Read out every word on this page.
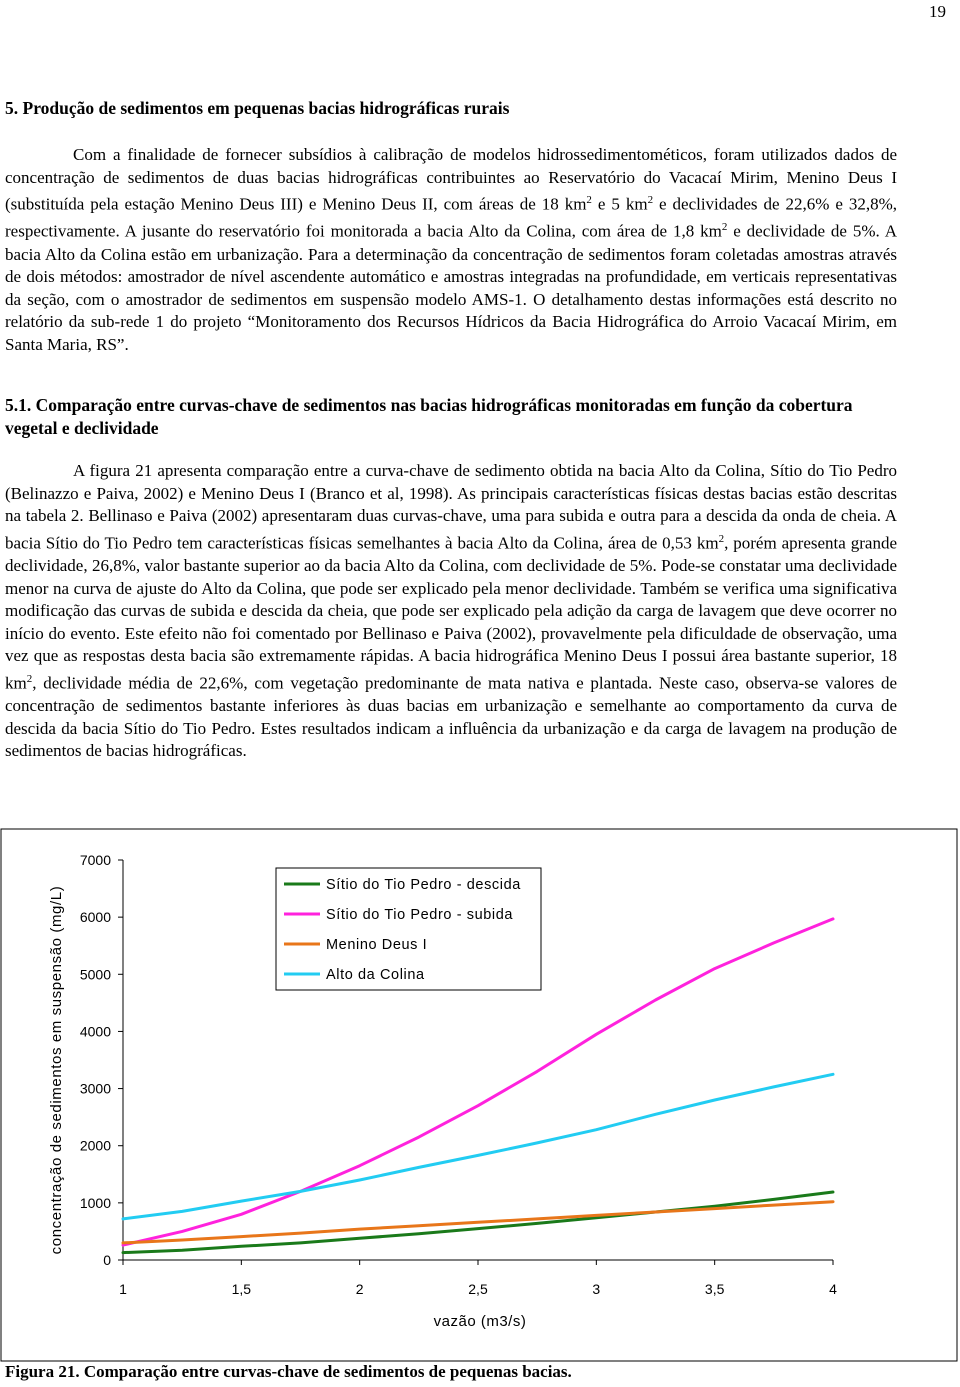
19
5. Produção de sedimentos em pequenas bacias hidrográficas rurais

Com a finalidade de fornecer subsídios à calibração de modelos hidrossedimentométicos, foram utilizados dados de concentração de sedimentos de duas bacias hidrográficas contribuintes ao Reservatório do Vacacaí Mirim, Menino Deus I (substituída pela estação Menino Deus III) e Menino Deus II, com áreas de 18 $km^2$ e 5 $km^2$ e declividades de 22,6% e 32,8%, respectivamente. A jusante do reservatório foi monitorada a bacia Alto da Colina, com área de 1,8 $km^2$ e declividade de 5%. A bacia Alto da Colina estão em urbanização. Para a determinação da concentração de sedimentos foram coletadas amostras através de dois métodos: amostrador de nível ascendente automático e amostras integradas na profundidade, em verticais representativas da seção, com o amostrador de sedimentos em suspensão modelo AMS-1. O detalhamento destas informações está descrito no relatório da sub-rede 1 do projeto “Monitoramento dos Recursos Hídricos da Bacia Hidrográfica do Arroio Vacacaí Mirim, em Santa Maria, RS”.

5.1. Comparação entre curvas-chave de sedimentos nas bacias hidrográficas monitoradas em função da cobertura vegetal e declividade

A figura 21 apresenta comparação entre a curva-chave de sedimento obtida na bacia Alto da Colina, Sítio do Tio Pedro (Belinazzo e Paiva, 2002) e Menino Deus I (Branco et al, 1998). As principais características físicas destas bacias estão descritas na tabela 2. Bellinaso e Paiva (2002) apresentaram duas curvas-chave, uma para subida e outra para a descida da onda de cheia. A bacia Sítio do Tio Pedro tem características físicas semelhantes à bacia Alto da Colina, área de 0,53 $km^2$, porém apresenta grande declividade, 26,8%, valor bastante superior ao da bacia Alto da Colina, com declividade de 5%. Pode-se constatar uma declividade menor na curva de ajuste do Alto da Colina, que pode ser explicado pela menor declividade. Também se verifica uma significativa modificação das curvas de subida e descida da cheia, que pode ser explicado pela adição da carga de lavagem que deve ocorrer no início do evento. Este efeito não foi comentado por Bellinaso e Paiva (2002), provavelmente pela dificuldade de observação, uma vez que as respostas desta bacia são extremamente rápidas. A bacia hidrográfica Menino Deus I possui área bastante superior, 18 $km^2$, declividade média de 22,6%, com vegetação predominante de mata nativa e plantada. Neste caso, observa-se valores de concentração de sedimentos bastante inferiores às duas bacias em urbanização e semelhante ao comportamento da curva de descida da bacia Sítio do Tio Pedro. Estes resultados indicam a influência da urbanização e da carga de lavagem na produção de sedimentos de bacias hidrográficas.

0
1000
2000
3000
4000
5000
6000
7000
1	1,5	2	2,5	3	3,5	4
vazão (m3/s)
concentração de sedimentos em suspensão (mg/L)
Sítio do Tio Pedro - descida
Sítio do Tio Pedro - subida
Menino Deus I
Alto da Colina
Figura 21. Comparação entre curvas-chave de sedimentos de pequenas bacias.
